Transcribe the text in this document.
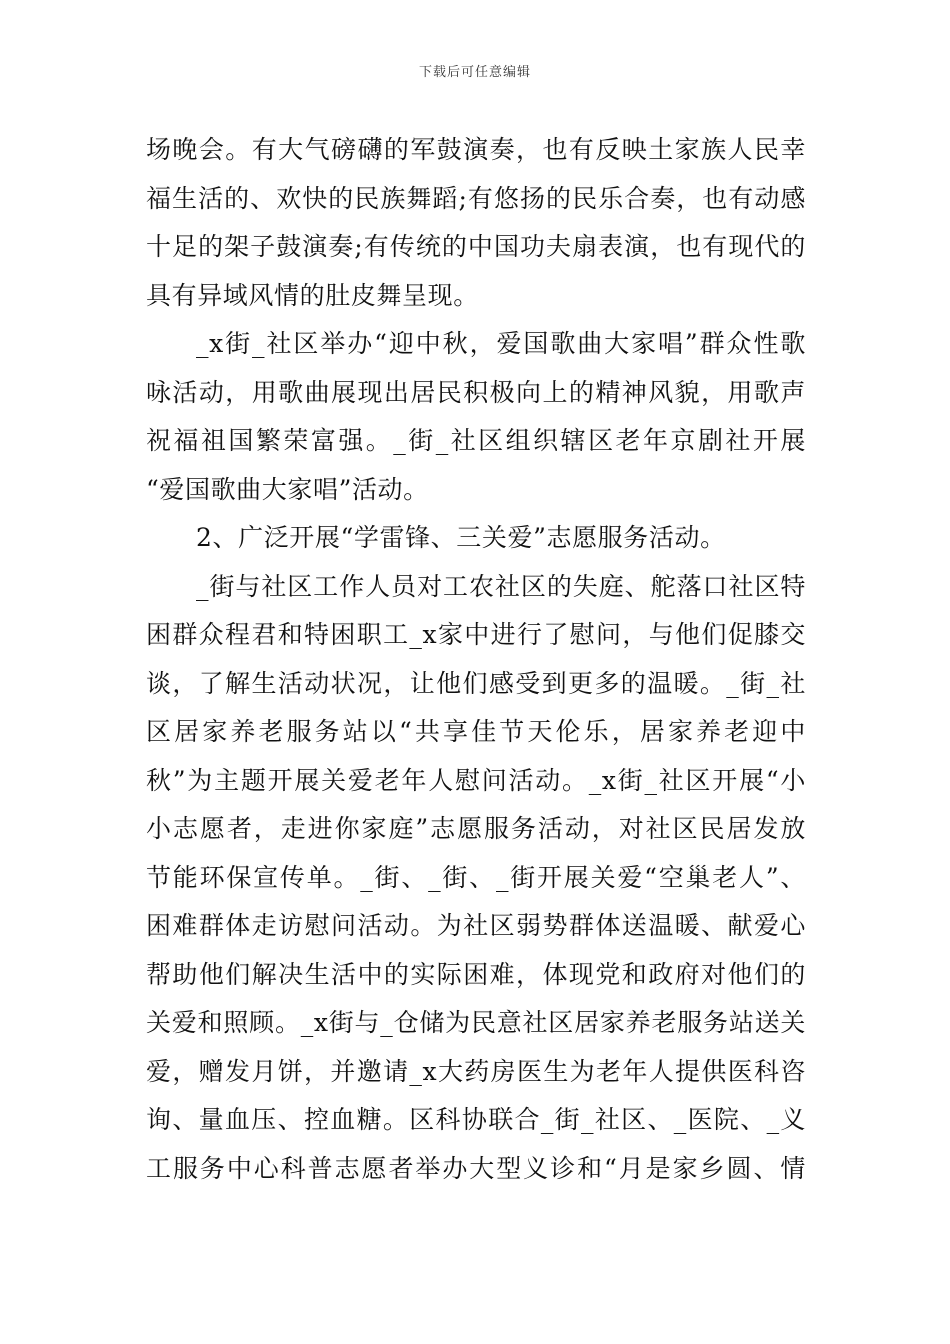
下载后可任意编辑
场晚会。有大气磅礴的军鼓演奏，也有反映土家族人民幸
福生活的、欢快的民族舞蹈;有悠扬的民乐合奏，也有动感
十足的架子鼓演奏;有传统的中国功夫扇表演，也有现代的
具有异域风情的肚皮舞呈现。
_x街_社区举办“迎中秋，爱国歌曲大家唱”群众性歌
咏活动，用歌曲展现出居民积极向上的精神风貌，用歌声
祝福祖国繁荣富强。_街_社区组织辖区老年京剧社开展
“爱国歌曲大家唱”活动。
2、广泛开展“学雷锋、三关爱”志愿服务活动。
_街与社区工作人员对工农社区的失庭、舵落口社区特
困群众程君和特困职工_x家中进行了慰问，与他们促膝交
谈，了解生活动状况，让他们感受到更多的温暖。_街_社
区居家养老服务站以“共享佳节天伦乐，居家养老迎中
秋”为主题开展关爱老年人慰问活动。_x街_社区开展“小
小志愿者，走进你家庭”志愿服务活动，对社区民居发放
节能环保宣传单。_街、_街、_街开展关爱“空巢老人”、
困难群体走访慰问活动。为社区弱势群体送温暖、献爱心
帮助他们解决生活中的实际困难，体现党和政府对他们的
关爱和照顾。_x街与_仓储为民意社区居家养老服务站送关
爱，赠发月饼，并邀请_x大药房医生为老年人提供医科咨
询、量血压、控血糖。区科协联合_街_社区、_医院、_义
工服务中心科普志愿者举办大型义诊和“月是家乡圆、情
